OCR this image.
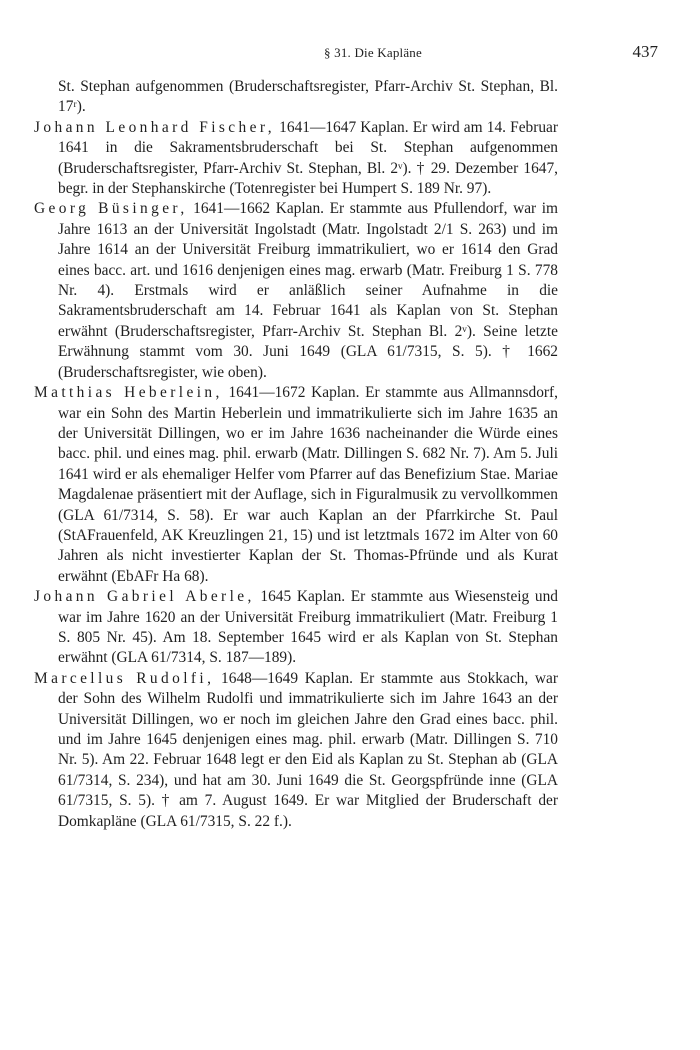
§ 31. Die Kapläne	437

St. Stephan aufgenommen (Bruderschaftsregister, Pfarr-Archiv St. Stephan, Bl. 17ʳ).

Johann Leonhard Fischer, 1641—1647 Kaplan. Er wird am 14. Februar 1641 in die Sakramentsbruderschaft bei St. Stephan aufgenommen (Bruderschaftsregister, Pfarr-Archiv St. Stephan, Bl. 2ᵛ). † 29. Dezember 1647, begr. in der Stephanskirche (Totenregister bei Humpert S. 189 Nr. 97).

Georg Büsinger, 1641—1662 Kaplan. Er stammte aus Pfullendorf, war im Jahre 1613 an der Universität Ingolstadt (Matr. Ingolstadt 2/1 S. 263) und im Jahre 1614 an der Universität Freiburg immatrikuliert, wo er 1614 den Grad eines bacc. art. und 1616 denjenigen eines mag. erwarb (Matr. Freiburg 1 S. 778 Nr. 4). Erstmals wird er anläßlich seiner Aufnahme in die Sakramentsbruderschaft am 14. Februar 1641 als Kaplan von St. Stephan erwähnt (Bruderschaftsregister, Pfarr-Archiv St. Stephan Bl. 2ᵛ). Seine letzte Erwähnung stammt vom 30. Juni 1649 (GLA 61/7315, S. 5). † 1662 (Bruderschaftsregister, wie oben).

Matthias Heberlein, 1641—1672 Kaplan. Er stammte aus Allmannsdorf, war ein Sohn des Martin Heberlein und immatrikulierte sich im Jahre 1635 an der Universität Dillingen, wo er im Jahre 1636 nacheinander die Würde eines bacc. phil. und eines mag. phil. erwarb (Matr. Dillingen S. 682 Nr. 7). Am 5. Juli 1641 wird er als ehemaliger Helfer vom Pfarrer auf das Benefizium Stae. Mariae Magdalenae präsentiert mit der Auflage, sich in Figuralmusik zu vervollkommen (GLA 61/7314, S. 58). Er war auch Kaplan an der Pfarrkirche St. Paul (StAFrauenfeld, AK Kreuzlingen 21, 15) und ist letztmals 1672 im Alter von 60 Jahren als nicht investierter Kaplan der St. Thomas-Pfründe und als Kurat erwähnt (EbAFr Ha 68).

Johann Gabriel Aberle, 1645 Kaplan. Er stammte aus Wiesensteig und war im Jahre 1620 an der Universität Freiburg immatrikuliert (Matr. Freiburg 1 S. 805 Nr. 45). Am 18. September 1645 wird er als Kaplan von St. Stephan erwähnt (GLA 61/7314, S. 187—189).

Marcellus Rudolfi, 1648—1649 Kaplan. Er stammte aus Stokkach, war der Sohn des Wilhelm Rudolfi und immatrikulierte sich im Jahre 1643 an der Universität Dillingen, wo er noch im gleichen Jahre den Grad eines bacc. phil. und im Jahre 1645 denjenigen eines mag. phil. erwarb (Matr. Dillingen S. 710 Nr. 5). Am 22. Februar 1648 legt er den Eid als Kaplan zu St. Stephan ab (GLA 61/7314, S. 234), und hat am 30. Juni 1649 die St. Georgspfründe inne (GLA 61/7315, S. 5). † am 7. August 1649. Er war Mitglied der Bruderschaft der Domkapläne (GLA 61/7315, S. 22 f.).
